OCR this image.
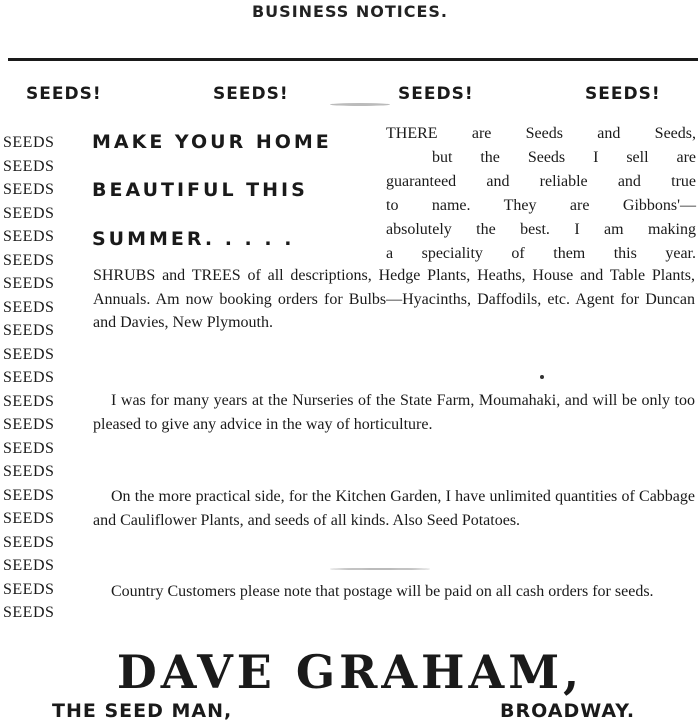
BUSINESS NOTICES.
SEEDS!	SEEDS!	SEEDS!	SEEDS!
SEEDS
SEEDS
SEEDS
SEEDS
SEEDS
SEEDS
SEEDS
SEEDS
SEEDS
SEEDS
SEEDS
SEEDS
SEEDS
SEEDS
SEEDS
SEEDS
SEEDS
SEEDS
SEEDS
SEEDS
SEEDS
MAKE YOUR HOME
BEAUTIFUL THIS
SUMMER. . . . .
THERE are Seeds and Seeds,
but the Seeds I sell are
guaranteed and reliable and true
to name. They are Gibbons'—
absolutely the best. I am making
a speciality of them this year.
SHRUBS and TREES of all descriptions, Hedge Plants, Heaths, House and Table Plants, Annuals. Am now booking orders for Bulbs—Hyacinths, Daffodils, etc. Agent for Duncan and Davies, New Plymouth.
I was for many years at the Nurseries of the State Farm, Moumahaki, and will be only too pleased to give any advice in the way of horticulture.
On the more practical side, for the Kitchen Garden, I have unlimited quantities of Cabbage and Cauliflower Plants, and seeds of all kinds. Also Seed Potatoes.
Country Customers please note that postage will be paid on all cash orders for seeds.
DAVE GRAHAM,
THE SEED MAN,	BROADWAY.
